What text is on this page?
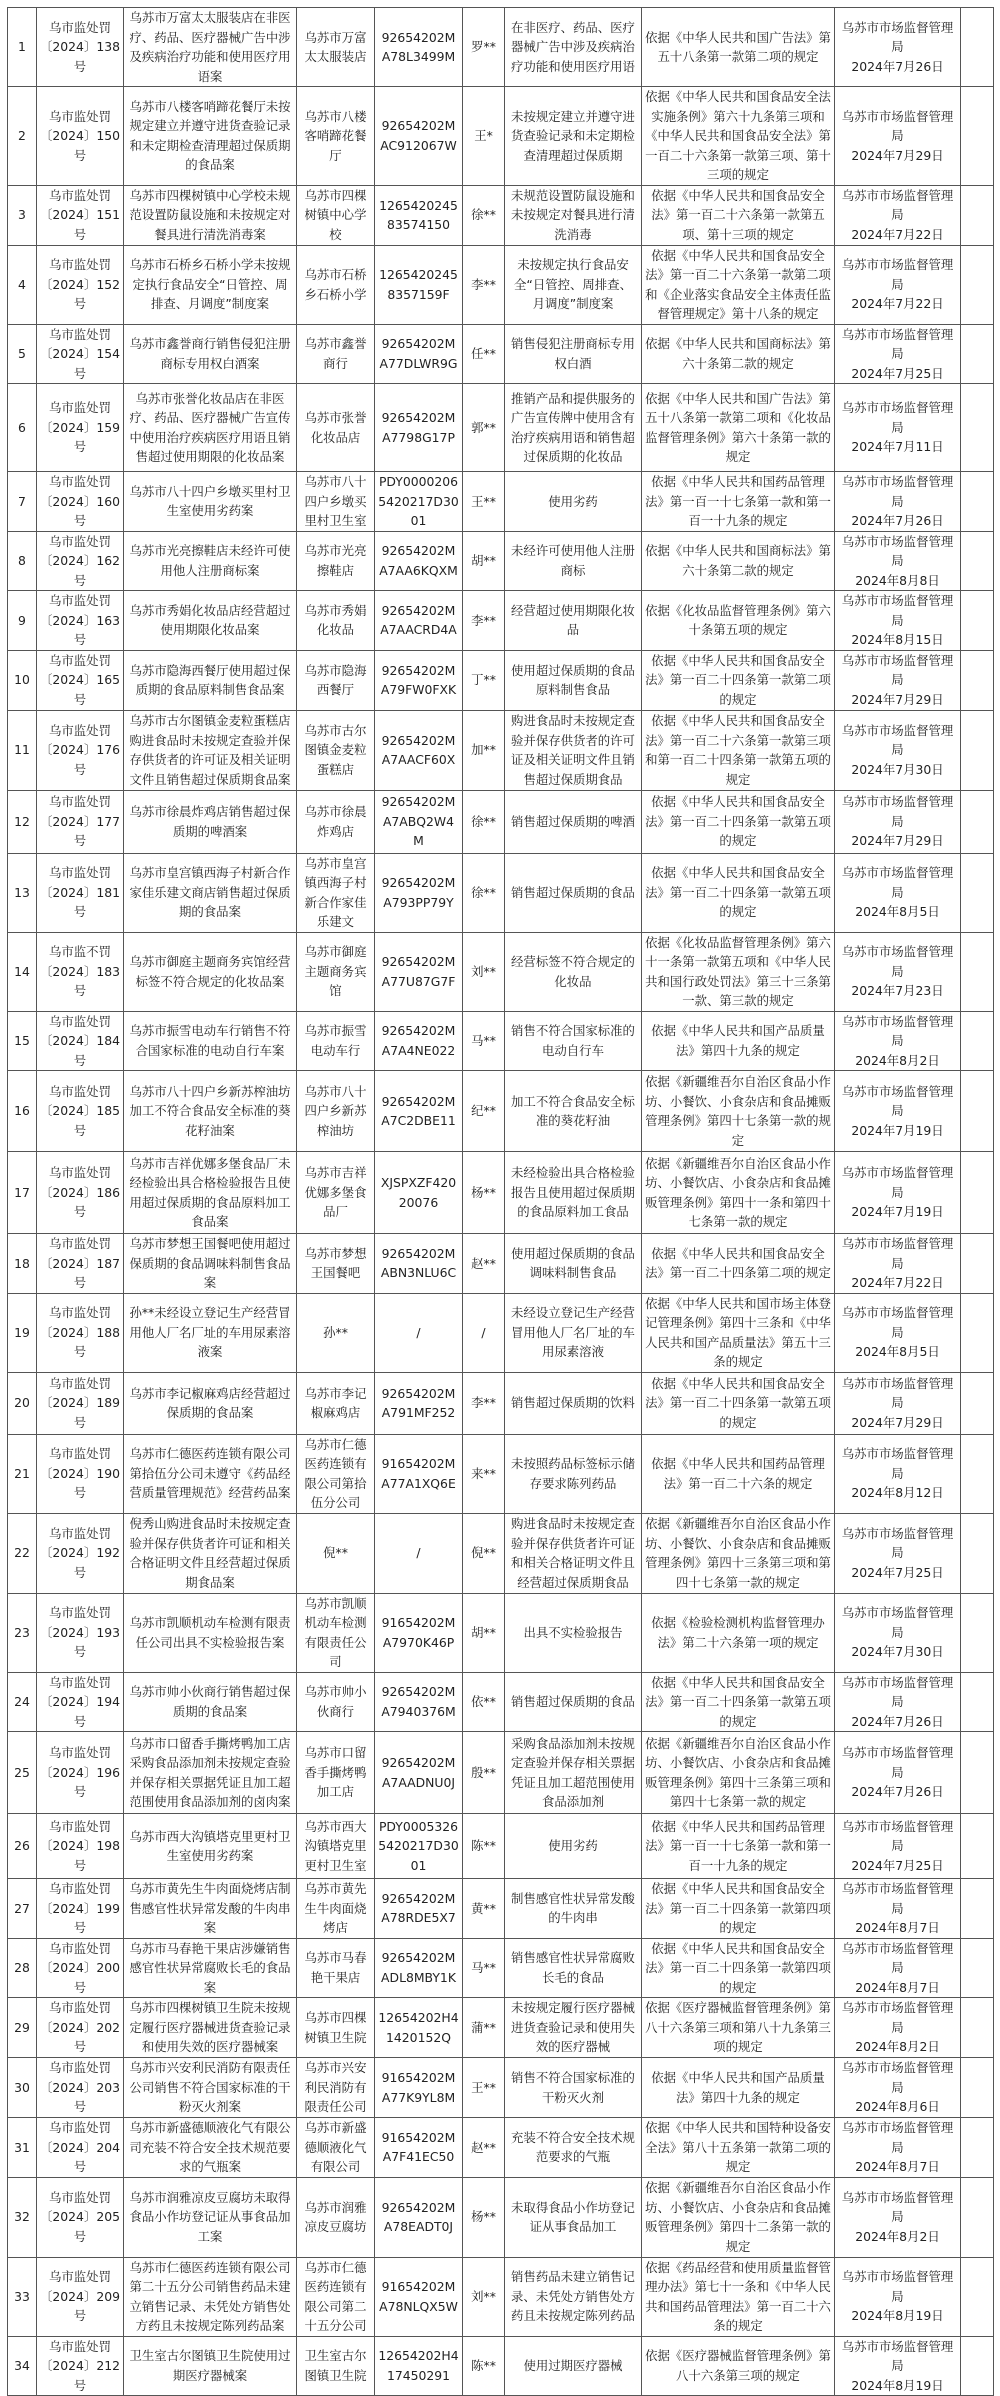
1	乌市监处罚〔2024〕138号	乌苏市万富太太服装店在非医疗、药品、医疗器械广告中涉及疾病治疗功能和使用医疗用语案	乌苏市万富太太服装店	92654202MA78L3499M	罗**	在非医疗、药品、医疗器械广告中涉及疾病治疗功能和使用医疗用语	依据《中华人民共和国广告法》第五十八条第一款第二项的规定	乌苏市市场监督管理局
2024年7月26日	

2	乌市监处罚〔2024〕150号	乌苏市八楼客哨蹄花餐厅未按规定建立并遵守进货查验记录和未定期检查清理超过保质期的食品案	乌苏市八楼客哨蹄花餐厅	92654202MAC912067W	王*	未按规定建立并遵守进货查验记录和未定期检查清理超过保质期	依据《中华人民共和国食品安全法实施条例》第六十九条第三项和《中华人民共和国食品安全法》第一百二十六条第一款第三项、第十三项的规定	乌苏市市场监督管理局
2024年7月29日	

3	乌市监处罚〔2024〕151号	乌苏市四棵树镇中心学校未规范设置防鼠设施和未按规定对餐具进行清洗消毒案	乌苏市四棵树镇中心学校	126542024583574150	徐**	未规范设置防鼠设施和未按规定对餐具进行清洗消毒	依据《中华人民共和国食品安全法》第一百二十六条第一款第五项、第十三项的规定	乌苏市市场监督管理局
2024年7月22日	

4	乌市监处罚〔2024〕152号	乌苏市石桥乡石桥小学未按规定执行食品安全“日管控、周排查、月调度”制度案	乌苏市石桥乡石桥小学	12654202458357159F	李**	未按规定执行食品安全“日管控、周排查、月调度”制度案	依据《中华人民共和国食品安全法》第一百二十六条第一款第二项和《企业落实食品安全主体责任监督管理规定》第十八条的规定	乌苏市市场监督管理局
2024年7月22日	

5	乌市监处罚〔2024〕154号	乌苏市鑫誉商行销售侵犯注册商标专用权白酒案	乌苏市鑫誉商行	92654202MA77DLWR9G	任**	销售侵犯注册商标专用权白酒	依据《中华人民共和国商标法》第六十条第二款的规定	乌苏市市场监督管理局
2024年7月25日	

6	乌市监处罚〔2024〕159号	乌苏市张誉化妆品店在非医疗、药品、医疗器械广告宣传中使用治疗疾病医疗用语且销售超过使用期限的化妆品案	乌苏市张誉化妆品店	92654202MA7798G17P	郭**	推销产品和提供服务的广告宣传牌中使用含有治疗疾病用语和销售超过保质期的化妆品	依据《中华人民共和国广告法》第五十八条第一款第二项和《化妆品监督管理条例》第六十条第一款的规定	乌苏市市场监督管理局
2024年7月11日	

7	乌市监处罚〔2024〕160号	乌苏市八十四户乡墩买里村卫生室使用劣药案	乌苏市八十四户乡墩买里村卫生室	PDY00002065420217D3001	王**	使用劣药	依据《中华人民共和国药品管理法》第一百一十七条第一款和第一百一十九条的规定	乌苏市市场监督管理局
2024年7月26日	

8	乌市监处罚〔2024〕162号	乌苏市光亮擦鞋店未经许可使用他人注册商标案	乌苏市光亮擦鞋店	92654202MA7AA6KQXM	胡**	未经许可使用他人注册商标	依据《中华人民共和国商标法》第六十条第二款的规定	乌苏市市场监督管理局
2024年8月8日	

9	乌市监处罚〔2024〕163号	乌苏市秀娟化妆品店经营超过使用期限化妆品案	乌苏市秀娟化妆品	92654202MA7AACRD4A	李**	经营超过使用期限化妆品	依据《化妆品监督管理条例》第六十条第五项的规定	乌苏市市场监督管理局
2024年8月15日	

10	乌市监处罚〔2024〕165号	乌苏市隐海西餐厅使用超过保质期的食品原料制售食品案	乌苏市隐海西餐厅	92654202MA79FW0FXK	丁**	使用超过保质期的食品原料制售食品	依据《中华人民共和国食品安全法》第一百二十四条第一款第二项的规定	乌苏市市场监督管理局
2024年7月29日	

11	乌市监处罚〔2024〕176号	乌苏市古尔图镇金麦粒蛋糕店购进食品时未按规定查验并保存供货者的许可证及相关证明文件且销售超过保质期食品案	乌苏市古尔图镇金麦粒蛋糕店	92654202MA7AACF60X	加**	购进食品时未按规定查验并保存供货者的许可证及相关证明文件且销售超过保质期食品	依据《中华人民共和国食品安全法》第一百二十六条第一款第三项和第一百二十四条第一款第五项的规定	乌苏市市场监督管理局
2024年7月30日	

12	乌市监处罚〔2024〕177号	乌苏市徐晨炸鸡店销售超过保质期的啤酒案	乌苏市徐晨炸鸡店	92654202MA7ABQ2W4M	徐**	销售超过保质期的啤酒	依据《中华人民共和国食品安全法》第一百二十四条第一款第五项的规定	乌苏市市场监督管理局
2024年7月29日	

13	乌市监处罚〔2024〕181号	乌苏市皇宫镇西海子村新合作家佳乐建文商店销售超过保质期的食品案	乌苏市皇宫镇西海子村新合作家佳乐建文	92654202MA793PP79Y	徐**	销售超过保质期的食品	依据《中华人民共和国食品安全法》第一百二十四条第一款第五项的规定	乌苏市市场监督管理局
2024年8月5日	

14	乌市监不罚〔2024〕183号	乌苏市御庭主题商务宾馆经营标签不符合规定的化妆品案	乌苏市御庭主题商务宾馆	92654202MA77U87G7F	刘**	经营标签不符合规定的化妆品	依据《化妆品监督管理条例》第六十一条第一款第五项和《中华人民共和国行政处罚法》第三十三条第一款、第三款的规定	乌苏市市场监督管理局
2024年7月23日	

15	乌市监处罚〔2024〕184号	乌苏市振雪电动车行销售不符合国家标准的电动自行车案	乌苏市振雪电动车行	92654202MA7A4NE022	马**	销售不符合国家标准的电动自行车	依据《中华人民共和国产品质量法》第四十九条的规定	乌苏市市场监督管理局
2024年8月2日	

16	乌市监处罚〔2024〕185号	乌苏市八十四户乡新苏榨油坊加工不符合食品安全标准的葵花籽油案	乌苏市八十四户乡新苏榨油坊	92654202MA7C2DBE11	纪**	加工不符合食品安全标准的葵花籽油	依据《新疆维吾尔自治区食品小作坊、小餐饮、小食杂店和食品摊贩管理条例》第四十七条第一款的规定	乌苏市市场监督管理局
2024年7月19日	

17	乌市监处罚〔2024〕186号	乌苏市吉祥优娜多堡食品厂未经检验出具合格检验报告且使用超过保质期的食品原料加工食品案	乌苏市吉祥优娜多堡食品厂	XJSPXZF42020076	杨**	未经检验出具合格检验报告且使用超过保质期的食品原料加工食品	依据《新疆维吾尔自治区食品小作坊、小餐饮店、小食杂店和食品摊贩管理条例》第四十一条和第四十七条第一款的规定	乌苏市市场监督管理局
2024年7月19日	

18	乌市监处罚〔2024〕187号	乌苏市梦想王国餐吧使用超过保质期的食品调味料制售食品案	乌苏市梦想王国餐吧	92654202MABN3NLU6C	赵**	使用超过保质期的食品调味料制售食品	依据《中华人民共和国食品安全法》第一百二十四条第二项的规定	乌苏市市场监督管理局
2024年7月22日	

19	乌市监处罚〔2024〕188号	孙**未经设立登记生产经营冒用他人厂名厂址的车用尿素溶液案	孙**	/	/	未经设立登记生产经营冒用他人厂名厂址的车用尿素溶液	依据《中华人民共和国市场主体登记管理条例》第四十三条和《中华人民共和国产品质量法》第五十三条的规定	乌苏市市场监督管理局
2024年8月5日	

20	乌市监处罚〔2024〕189号	乌苏市李记椒麻鸡店经营超过保质期的食品案	乌苏市李记椒麻鸡店	92654202MA791MF252	李**	销售超过保质期的饮料	依据《中华人民共和国食品安全法》第一百二十四条第一款第五项的规定	乌苏市市场监督管理局
2024年7月29日	

21	乌市监处罚〔2024〕190号	乌苏市仁德医药连锁有限公司第拾伍分公司未遵守《药品经营质量管理规范》经营药品案	乌苏市仁德医药连锁有限公司第拾伍分公司	91654202MA77A1XQ6E	来**	未按照药品标签标示储存要求陈列药品	依据《中华人民共和国药品管理法》第一百二十六条的规定	乌苏市市场监督管理局
2024年8月12日	

22	乌市监处罚〔2024〕192号	倪秀山购进食品时未按规定查验并保存供货者许可证和相关合格证明文件且经营超过保质期食品案	倪**	/	倪**	购进食品时未按规定查验并保存供货者许可证和相关合格证明文件且经营超过保质期食品	依据《新疆维吾尔自治区食品小作坊、小餐饮、小食杂店和食品摊贩管理条例》第四十三条第三项和第四十七条第一款的规定	乌苏市市场监督管理局
2024年7月25日	

23	乌市监处罚〔2024〕193号	乌苏市凯顺机动车检测有限责任公司出具不实检验报告案	乌苏市凯顺机动车检测有限责任公司	91654202MA7970K46P	胡**	出具不实检验报告	依据《检验检测机构监督管理办法》第二十六条第一项的规定	乌苏市市场监督管理局
2024年7月30日	

24	乌市监处罚〔2024〕194号	乌苏市帅小伙商行销售超过保质期的食品案	乌苏市帅小伙商行	92654202MA7940376M	依**	销售超过保质期的食品	依据《中华人民共和国食品安全法》第一百二十四条第一款第五项的规定	乌苏市市场监督管理局
2024年7月26日	

25	乌市监处罚〔2024〕196号	乌苏市口留香手撕烤鸭加工店采购食品添加剂未按规定查验并保存相关票据凭证且加工超范围使用食品添加剂的卤肉案	乌苏市口留香手撕烤鸭加工店	92654202MA7AADNU0J	殷**	采购食品添加剂未按规定查验并保存相关票据凭证且加工超范围使用食品添加剂	依据《新疆维吾尔自治区食品小作坊、小餐饮店、小食杂店和食品摊贩管理条例》第四十三条第三项和第四十七条第一款的规定	乌苏市市场监督管理局
2024年7月26日	

26	乌市监处罚〔2024〕198号	乌苏市西大沟镇塔克里更村卫生室使用劣药案	乌苏市西大沟镇塔克里更村卫生室	PDY00053265420217D3001	陈**	使用劣药	依据《中华人民共和国药品管理法》第一百一十七条第一款和第一百一十九条的规定	乌苏市市场监督管理局
2024年7月25日	

27	乌市监处罚〔2024〕199号	乌苏市黄先生牛肉面烧烤店制售感官性状异常发酸的牛肉串案	乌苏市黄先生牛肉面烧烤店	92654202MA78RDE5X7	黄**	制售感官性状异常发酸的牛肉串	依据《中华人民共和国食品安全法》第一百二十四条第一款第四项的规定	乌苏市市场监督管理局
2024年8月7日	

28	乌市监处罚〔2024〕200号	乌苏市马春艳干果店涉嫌销售感官性状异常腐败长毛的食品案	乌苏市马春艳干果店	92654202MADL8MBY1K	马**	销售感官性状异常腐败长毛的食品	依据《中华人民共和国食品安全法》第一百二十四条第一款第四项的规定	乌苏市市场监督管理局
2024年8月7日	

29	乌市监处罚〔2024〕202号	乌苏市四棵树镇卫生院未按规定履行医疗器械进货查验记录和使用失效的医疗器械案	乌苏市四棵树镇卫生院	12654202H41420152Q	蒲**	未按规定履行医疗器械进货查验记录和使用失效的医疗器械	依据《医疗器械监督管理条例》第八十六条第三项和第八十九条第三项的规定	乌苏市市场监督管理局
2024年8月2日	

30	乌市监处罚〔2024〕203号	乌苏市兴安利民消防有限责任公司销售不符合国家标准的干粉灭火剂案	乌苏市兴安利民消防有限责任公司	91654202MA77K9YL8M	王**	销售不符合国家标准的干粉灭火剂	依据《中华人民共和国产品质量法》第四十九条的规定	乌苏市市场监督管理局
2024年8月6日	

31	乌市监处罚〔2024〕204号	乌苏市新盛德顺液化气有限公司充装不符合安全技术规范要求的气瓶案	乌苏市新盛德顺液化气有限公司	91654202MA7F41EC50	赵**	充装不符合安全技术规范要求的气瓶	依据《中华人民共和国特种设备安全法》第八十五条第一款第二项的规定	乌苏市市场监督管理局
2024年8月7日	

32	乌市监处罚〔2024〕205号	乌苏市润雅凉皮豆腐坊未取得食品小作坊登记证从事食品加工案	乌苏市润雅凉皮豆腐坊	92654202MA78EADT0J	杨**	未取得食品小作坊登记证从事食品加工	依据《新疆维吾尔自治区食品小作坊、小餐饮店、小食杂店和食品摊贩管理条例》第四十二条第一款的规定	乌苏市市场监督管理局
2024年8月2日	

33	乌市监处罚〔2024〕209号	乌苏市仁德医药连锁有限公司第二十五分公司销售药品未建立销售记录、未凭处方销售处方药且未按规定陈列药品案	乌苏市仁德医药连锁有限公司第二十五分公司	91654202MA78NLQX5W	刘**	销售药品未建立销售记录、未凭处方销售处方药且未按规定陈列药品	依据《药品经营和使用质量监督管理办法》第七十一条和《中华人民共和国药品管理法》第一百二十六条的规定	乌苏市市场监督管理局
2024年8月19日	

34	乌市监处罚〔2024〕212号	卫生室古尔图镇卫生院使用过期医疗器械案	卫生室古尔图镇卫生院	12654202H417450291	陈**	使用过期医疗器械	依据《医疗器械监督管理条例》第八十六条第三项的规定	乌苏市市场监督管理局
2024年8月19日	
